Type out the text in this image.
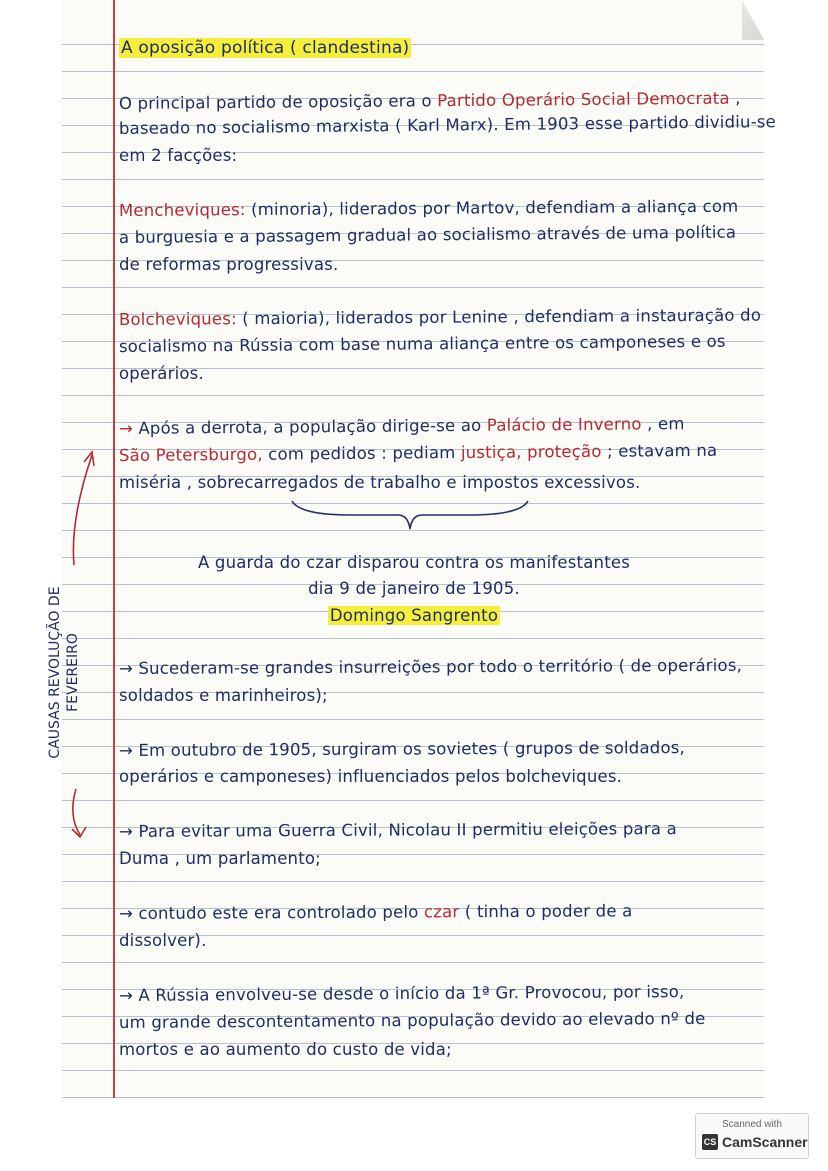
A oposição política ( clandestina)
O principal partido de oposição era o Partido Operário Social Democrata ,
baseado no socialismo marxista ( Karl Marx). Em 1903 esse partido dividiu-se
em 2 facções:
Mencheviques: (minoria), liderados por Martov, defendiam a aliança com
a burguesia e a passagem gradual ao socialismo através de uma política
de reformas progressivas.
Bolcheviques: ( maioria), liderados por Lenine , defendiam a instauração do
socialismo na Rússia com base numa aliança entre os camponeses e os
operários.
→ Após a derrota, a população dirige-se ao Palácio de Inverno , em
São Petersburgo, com pedidos : pediam justiça, proteção ; estavam na
miséria , sobrecarregados de trabalho e impostos excessivos.
A guarda do czar disparou contra os manifestantes
dia 9 de janeiro de 1905.
Domingo Sangrento
→ Sucederam-se grandes insurreições por todo o território ( de operários,
soldados e marinheiros);
→ Em outubro de 1905, surgiram os sovietes ( grupos de soldados,
operários e camponeses) influenciados pelos bolcheviques.
→ Para evitar uma Guerra Civil, Nicolau II permitiu eleições para a
Duma , um parlamento;
→ contudo este era controlado pelo czar ( tinha o poder de a
dissolver).
→ A Rússia envolveu-se desde o início da 1ª Gr. Provocou, por isso,
um grande descontentamento na população devido ao elevado nº de
mortos e ao aumento do custo de vida;
CAUSAS REVOLUÇÃO DE FEVEREIRO
Scanned with
CS CamScanner
